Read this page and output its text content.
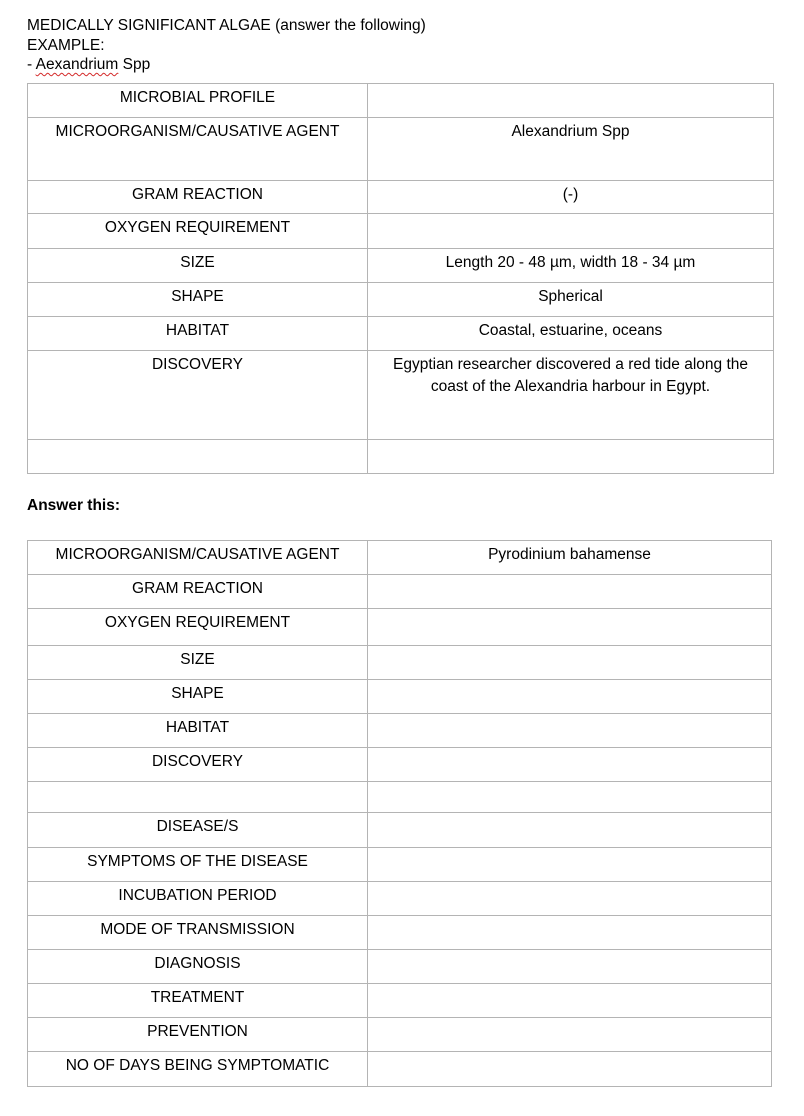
MEDICALLY SIGNIFICANT ALGAE (answer the following)
EXAMPLE:
- Aexandrium Spp
MICROBIAL PROFILE	
MICROORGANISM/CAUSATIVE AGENT	Alexandrium Spp
GRAM REACTION	(-)
OXYGEN REQUIREMENT	
SIZE	Length 20 - 48 µm, width 18 - 34 µm
SHAPE	Spherical
HABITAT	Coastal, estuarine, oceans
DISCOVERY	Egyptian researcher discovered a red tide along the coast of the Alexandria harbour in Egypt.

Answer this:
MICROORGANISM/CAUSATIVE AGENT	Pyrodinium bahamense
GRAM REACTION	
OXYGEN REQUIREMENT	
SIZE	
SHAPE	
HABITAT	
DISCOVERY	

DISEASE/S	
SYMPTOMS OF THE DISEASE	
INCUBATION PERIOD	
MODE OF TRANSMISSION	
DIAGNOSIS	
TREATMENT	
PREVENTION	
NO OF DAYS BEING SYMPTOMATIC	
